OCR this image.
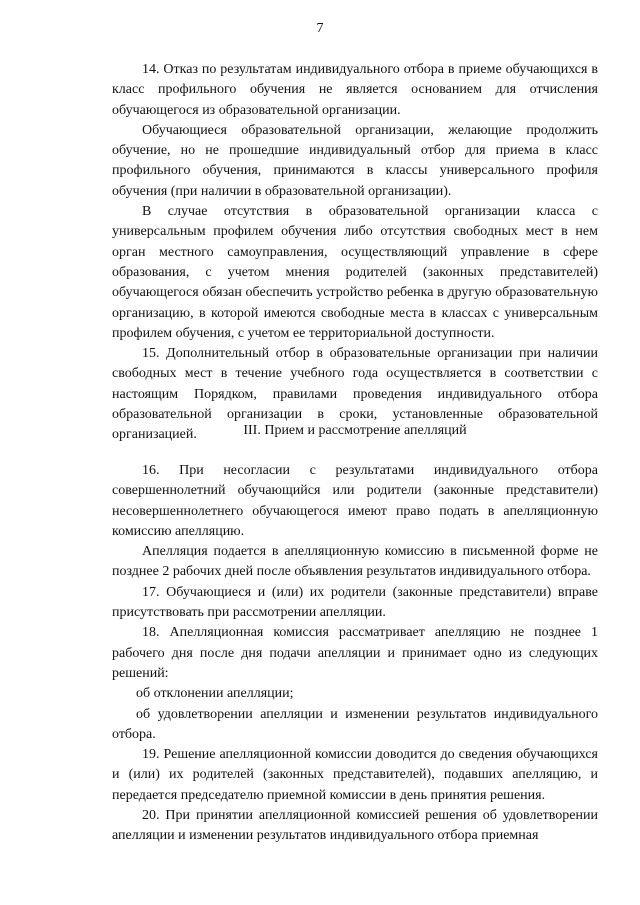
7

14. Отказ по результатам индивидуального отбора в приеме обучающихся в класс профильного обучения не является основанием для отчисления обучающегося из образовательной организации.

Обучающиеся образовательной организации, желающие продолжить обучение, но не прошедшие индивидуальный отбор для приема в класс профильного обучения, принимаются в классы универсального профиля обучения (при наличии в образовательной организации).

В случае отсутствия в образовательной организации класса с универсальным профилем обучения либо отсутствия свободных мест в нем орган местного самоуправления, осуществляющий управление в сфере образования, с учетом мнения родителей (законных представителей) обучающегося обязан обеспечить устройство ребенка в другую образовательную организацию, в которой имеются свободные места в классах с универсальным профилем обучения, с учетом ее территориальной доступности.

15. Дополнительный отбор в образовательные организации при наличии свободных мест в течение учебного года осуществляется в соответствии с настоящим Порядком, правилами проведения индивидуального отбора образовательной организации в сроки, установленные образовательной организацией.	III. Прием и рассмотрение апелляций

16. При несогласии с результатами индивидуального отбора совершеннолетний обучающийся или родители (законные представители) несовершеннолетнего обучающегося имеют право подать в апелляционную комиссию апелляцию.

Апелляция подается в апелляционную комиссию в письменной форме не позднее 2 рабочих дней после объявления результатов индивидуального отбора.

17. Обучающиеся и (или) их родители (законные представители) вправе присутствовать при рассмотрении апелляции.

18. Апелляционная комиссия рассматривает апелляцию не позднее 1 рабочего дня после дня подачи апелляции и принимает одно из следующих решений:

об отклонении апелляции;

об удовлетворении апелляции и изменении результатов индивидуального отбора.

19. Решение апелляционной комиссии доводится до сведения обучающихся и (или) их родителей (законных представителей), подавших апелляцию, и передается председателю приемной комиссии в день принятия решения.

20. При принятии апелляционной комиссией решения об удовлетворении апелляции и изменении результатов индивидуального отбора приемная
